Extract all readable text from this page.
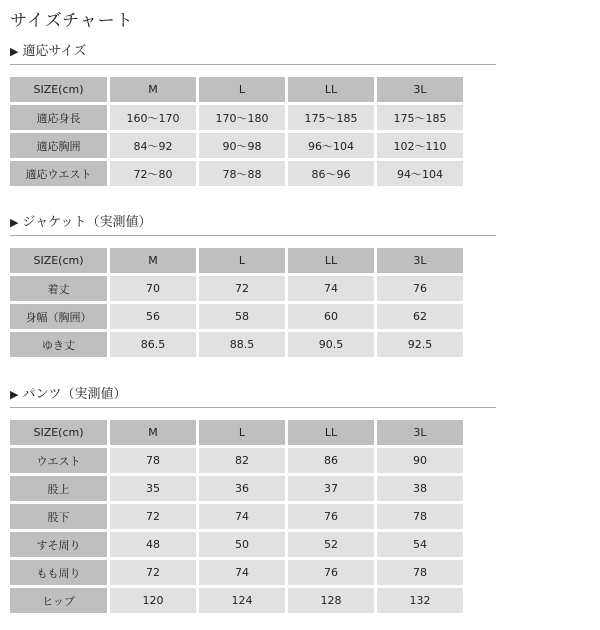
サイズチャート
▶ 適応サイズ
SIZE(cm)	M	L	LL	3L
適応身長	160〜170	170〜180	175〜185	175〜185
適応胸囲	84〜92	90〜98	96〜104	102〜110
適応ウエスト	72〜80	78〜88	86〜96	94〜104
▶ ジャケット（実測値）
SIZE(cm)	M	L	LL	3L
着丈	70	72	74	76
身幅（胸囲）	56	58	60	62
ゆき丈	86.5	88.5	90.5	92.5
▶ パンツ（実測値）
SIZE(cm)	M	L	LL	3L
ウエスト	78	82	86	90
股上	35	36	37	38
股下	72	74	76	78
すそ周り	48	50	52	54
もも周り	72	74	76	78
ヒップ	120	124	128	132
